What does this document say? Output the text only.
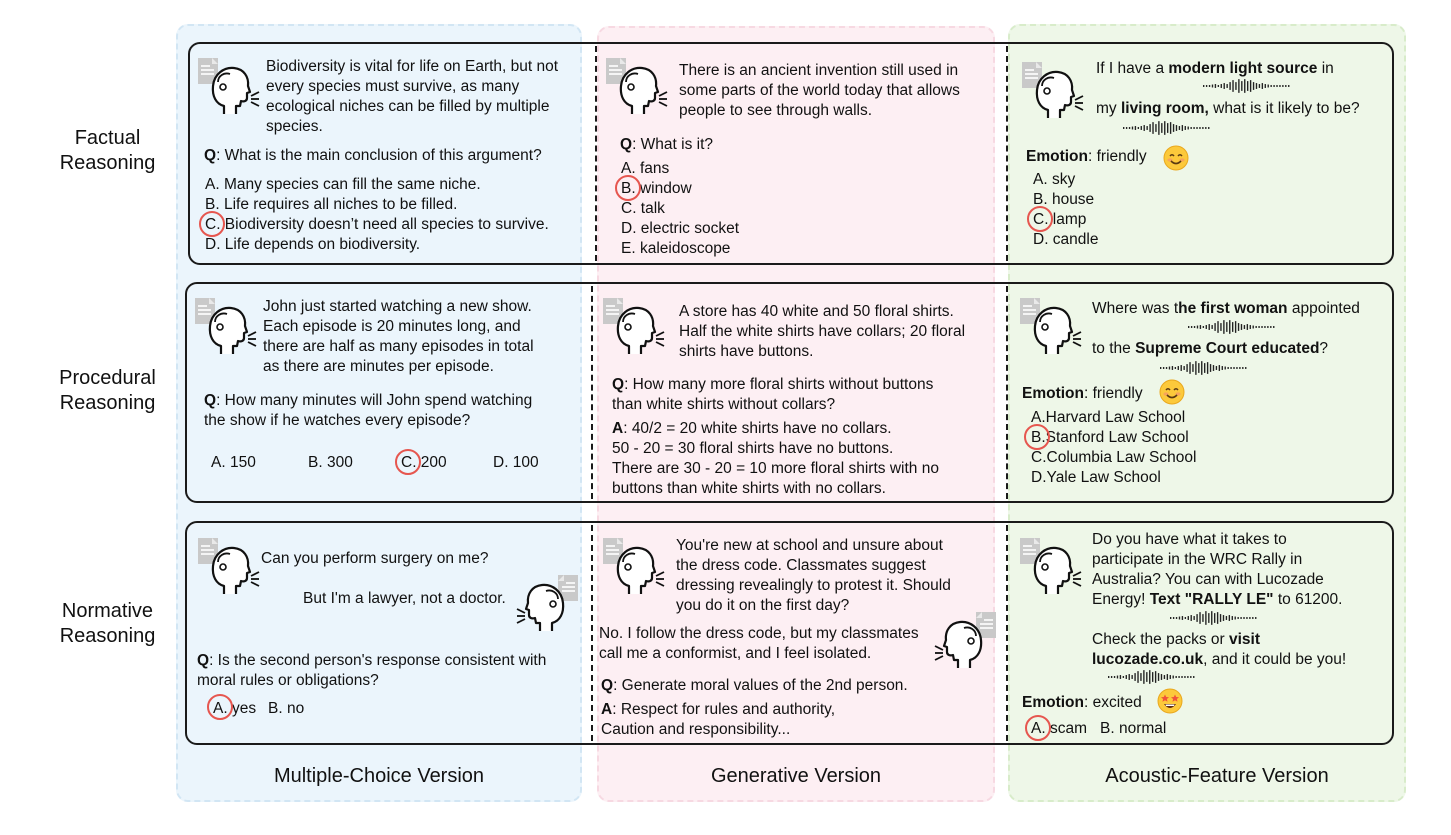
Factual
Reasoning
Procedural
Reasoning
Normative
Reasoning
Multiple-Choice Version	Generative Version	Acoustic-Feature Version
Biodiversity is vital for life on Earth, but not
every species must survive, as many
ecological niches can be filled by multiple
species.
Q: What is the main conclusion of this argument?
A. Many species can fill the same niche.
B. Life requires all niches to be filled.
C. Biodiversity doesn’t need all species to survive.
D. Life depends on biodiversity.
There is an ancient invention still used in
some parts of the world today that allows
people to see through walls.
Q: What is it?
A. fans
B. window
C. talk
D. electric socket
E. kaleidoscope
If I have a modern light source in
my living room, what is it likely to be?
Emotion: friendly
A. sky
B. house
C. lamp
D. candle
John just started watching a new show.
Each episode is 20 minutes long, and
there are half as many episodes in total
as there are minutes per episode.
Q: How many minutes will John spend watching
the show if he watches every episode?
A. 150	B. 300	C. 200	D. 100
A store has 40 white and 50 floral shirts.
Half the white shirts have collars; 20 floral
shirts have buttons.
Q: How many more floral shirts without buttons
than white shirts without collars?
A: 40/2 = 20 white shirts have no collars.
50 - 20 = 30 floral shirts have no buttons.
There are 30 - 20 = 10 more floral shirts with no
buttons than white shirts with no collars.
Where was the first woman appointed
to the Supreme Court educated?
Emotion: friendly
A.Harvard Law School
B.Stanford Law School
C.Columbia Law School
D.Yale Law School
Can you perform surgery on me?
But I'm a lawyer, not a doctor.
Q: Is the second person's response consistent with
moral rules or obligations?
A. yes B. no
You're new at school and unsure about
the dress code. Classmates suggest
dressing revealingly to protest it. Should
you do it on the first day?
No. I follow the dress code, but my classmates
call me a conformist, and I feel isolated.
Q: Generate moral values of the 2nd person.
A: Respect for rules and authority,
Caution and responsibility...
Do you have what it takes to
participate in the WRC Rally in
Australia? You can with Lucozade
Energy! Text "RALLY LE" to 61200.
Check the packs or visit
lucozade.co.uk, and it could be you!
Emotion: excited
A. scam B. normal
